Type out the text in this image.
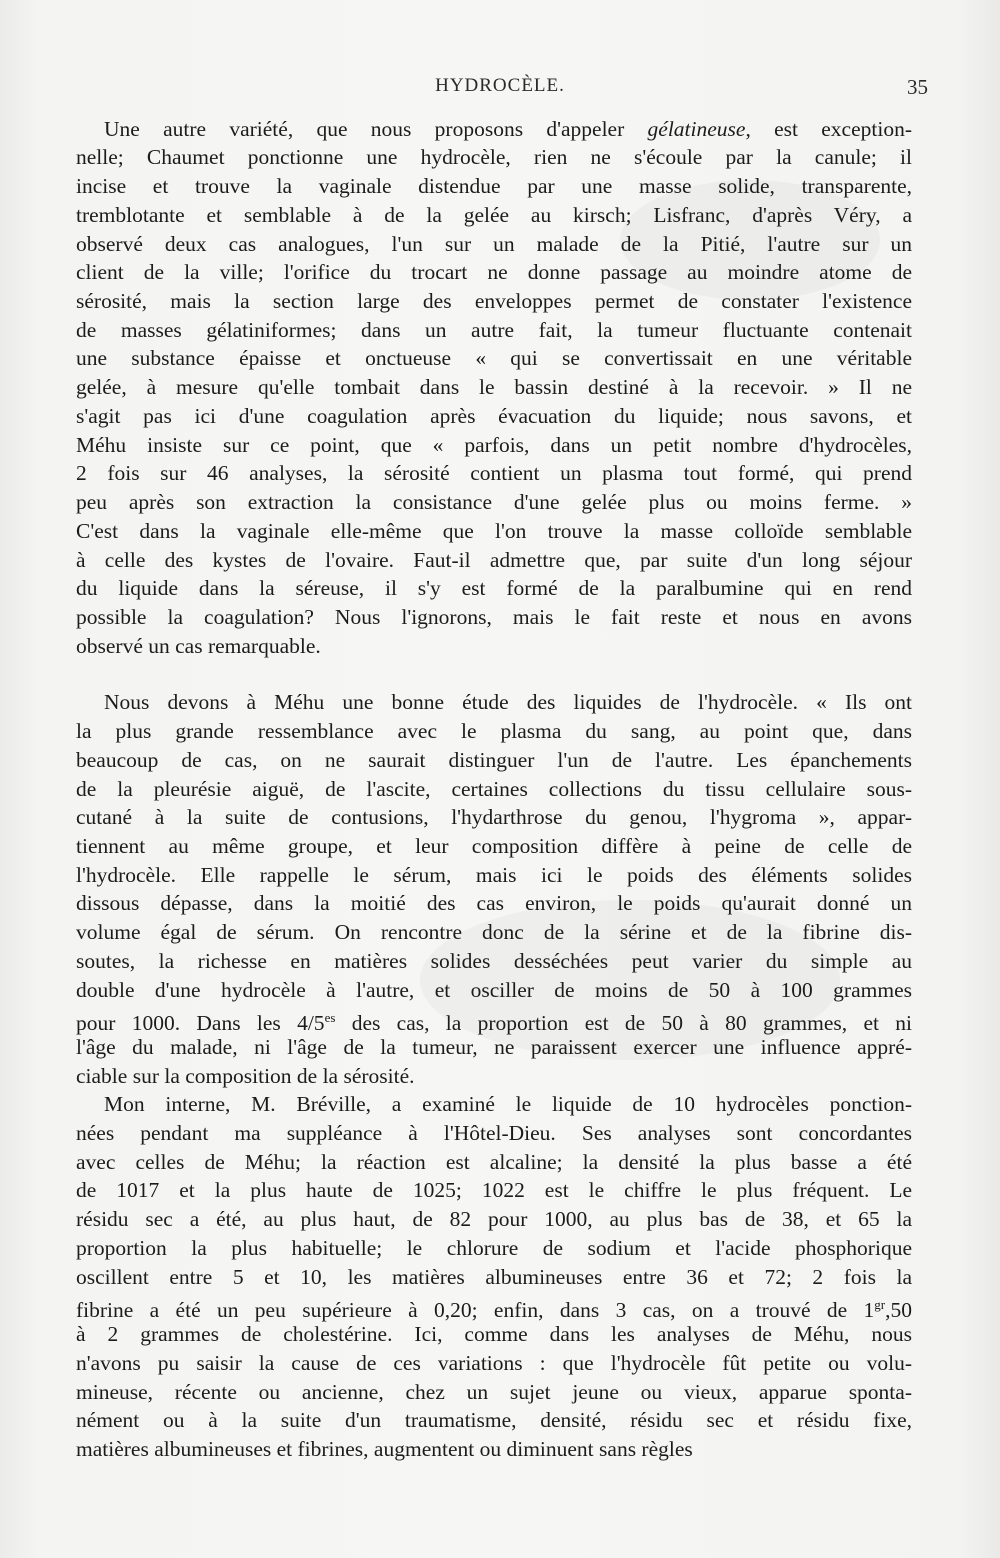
HYDROCÈLE.	35
Une autre variété, que nous proposons d'appeler gélatineuse, est exception-
nelle; Chaumet ponctionne une hydrocèle, rien ne s'écoule par la canule; il
incise et trouve la vaginale distendue par une masse solide, transparente,
tremblotante et semblable à de la gelée au kirsch; Lisfranc, d'après Véry, a
observé deux cas analogues, l'un sur un malade de la Pitié, l'autre sur un
client de la ville; l'orifice du trocart ne donne passage au moindre atome de
sérosité, mais la section large des enveloppes permet de constater l'existence
de masses gélatiniformes; dans un autre fait, la tumeur fluctuante contenait
une substance épaisse et onctueuse « qui se convertissait en une véritable
gelée, à mesure qu'elle tombait dans le bassin destiné à la recevoir. » Il ne
s'agit pas ici d'une coagulation après évacuation du liquide; nous savons, et
Méhu insiste sur ce point, que « parfois, dans un petit nombre d'hydrocèles,
2 fois sur 46 analyses, la sérosité contient un plasma tout formé, qui prend
peu après son extraction la consistance d'une gelée plus ou moins ferme. »
C'est dans la vaginale elle-même que l'on trouve la masse colloïde semblable
à celle des kystes de l'ovaire. Faut-il admettre que, par suite d'un long séjour
du liquide dans la séreuse, il s'y est formé de la paralbumine qui en rend
possible la coagulation? Nous l'ignorons, mais le fait reste et nous en avons
observé un cas remarquable.
Nous devons à Méhu une bonne étude des liquides de l'hydrocèle. « Ils ont
la plus grande ressemblance avec le plasma du sang, au point que, dans
beaucoup de cas, on ne saurait distinguer l'un de l'autre. Les épanchements
de la pleurésie aiguë, de l'ascite, certaines collections du tissu cellulaire sous-
cutané à la suite de contusions, l'hydarthrose du genou, l'hygroma », appar-
tiennent au même groupe, et leur composition diffère à peine de celle de
l'hydrocèle. Elle rappelle le sérum, mais ici le poids des éléments solides
dissous dépasse, dans la moitié des cas environ, le poids qu'aurait donné un
volume égal de sérum. On rencontre donc de la sérine et de la fibrine dis-
soutes, la richesse en matières solides desséchées peut varier du simple au
double d'une hydrocèle à l'autre, et osciller de moins de 50 à 100 grammes
pour 1000. Dans les $4/5^{es}$ des cas, la proportion est de 50 à 80 grammes, et ni
l'âge du malade, ni l'âge de la tumeur, ne paraissent exercer une influence appré-
ciable sur la composition de la sérosité.
Mon interne, M. Bréville, a examiné le liquide de 10 hydrocèles ponction-
nées pendant ma suppléance à l'Hôtel-Dieu. Ses analyses sont concordantes
avec celles de Méhu; la réaction est alcaline; la densité la plus basse a été
de 1017 et la plus haute de 1025; 1022 est le chiffre le plus fréquent. Le
résidu sec a été, au plus haut, de 82 pour 1000, au plus bas de 38, et 65 la
proportion la plus habituelle; le chlorure de sodium et l'acide phosphorique
oscillent entre 5 et 10, les matières albumineuses entre 36 et 72; 2 fois la
fibrine a été un peu supérieure à 0,20; enfin, dans 3 cas, on a trouvé de $1^{gr},50$
à 2 grammes de cholestérine. Ici, comme dans les analyses de Méhu, nous
n'avons pu saisir la cause de ces variations : que l'hydrocèle fût petite ou volu-
mineuse, récente ou ancienne, chez un sujet jeune ou vieux, apparue sponta-
nément ou à la suite d'un traumatisme, densité, résidu sec et résidu fixe,
matières albumineuses et fibrines, augmentent ou diminuent sans règles
